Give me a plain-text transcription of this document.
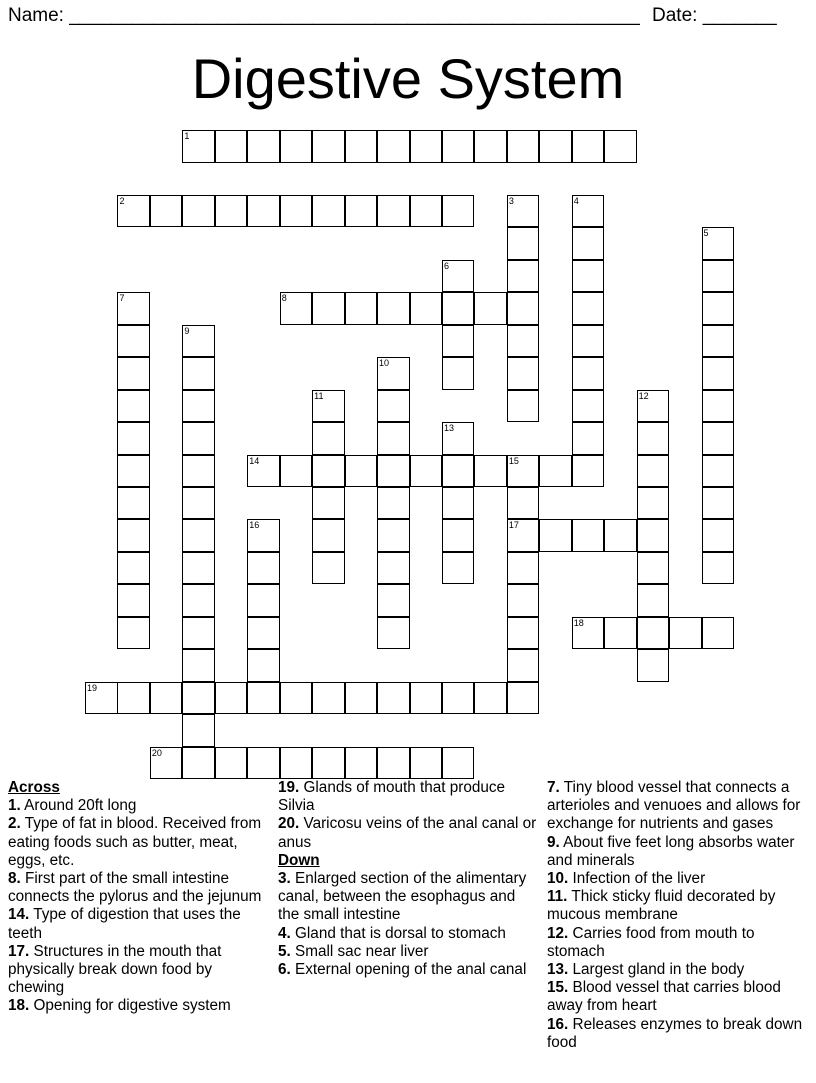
Name: ______________________________________________________ Date: _______
Digestive System
1
2
8
14	15
17
18
19
20
3	4
5
6
7
9
10
11	12
13
16
Across
1. Around 20ft long
2. Type of fat in blood. Received from eating foods such as butter, meat, eggs, etc.
8. First part of the small intestine connects the pylorus and the jejunum
14. Type of digestion that uses the teeth
17. Structures in the mouth that physically break down food by chewing
18. Opening for digestive system
19. Glands of mouth that produce Silvia
20. Varicosu veins of the anal canal or anus
Down
3. Enlarged section of the alimentary canal, between the esophagus and the small intestine
4. Gland that is dorsal to stomach
5. Small sac near liver
6. External opening of the anal canal
7. Tiny blood vessel that connects a arterioles and venuoes and allows for exchange for nutrients and gases
9. About five feet long absorbs water and minerals
10. Infection of the liver
11. Thick sticky fluid decorated by mucous membrane
12. Carries food from mouth to stomach
13. Largest gland in the body
15. Blood vessel that carries blood away from heart
16. Releases enzymes to break down food
